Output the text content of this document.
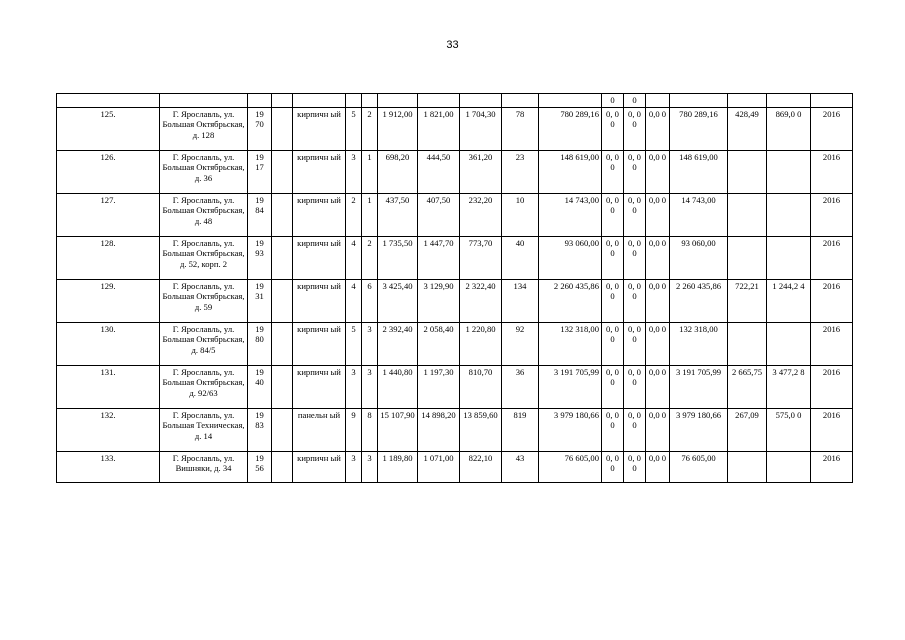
33
												0	0					
125.	Г. Ярославль, ул. Большая Октябрьская, д. 128	19 70		кирпичн ый	5	2	1 912,00	1 821,00	1 704,30	78	780 289,16	0, 0 0	0, 0 0	0,0 0	780 289,16	428,49	869,0 0	2016
126.	Г. Ярославль, ул. Большая Октябрьская, д. 36	19 17		кирпичн ый	3	1	698,20	444,50	361,20	23	148 619,00	0, 0 0	0, 0 0	0,0 0	148 619,00			2016
127.	Г. Ярославль, ул. Большая Октябрьская, д. 48	19 84		кирпичн ый	2	1	437,50	407,50	232,20	10	14 743,00	0, 0 0	0, 0 0	0,0 0	14 743,00			2016
128.	Г. Ярославль, ул. Большая Октябрьская, д. 52, корп. 2	19 93		кирпичн ый	4	2	1 735,50	1 447,70	773,70	40	93 060,00	0, 0 0	0, 0 0	0,0 0	93 060,00			2016
129.	Г. Ярославль, ул. Большая Октябрьская, д. 59	19 31		кирпичн ый	4	6	3 425,40	3 129,90	2 322,40	134	2 260 435,86	0, 0 0	0, 0 0	0,0 0	2 260 435,86	722,21	1 244,2 4	2016
130.	Г. Ярославль, ул. Большая Октябрьская, д. 84/5	19 80		кирпичн ый	5	3	2 392,40	2 058,40	1 220,80	92	132 318,00	0, 0 0	0, 0 0	0,0 0	132 318,00			2016
131.	Г. Ярославль, ул. Большая Октябрьская, д. 92/63	19 40		кирпичн ый	3	3	1 440,80	1 197,30	810,70	36	3 191 705,99	0, 0 0	0, 0 0	0,0 0	3 191 705,99	2 665,75	3 477,2 8	2016
132.	Г. Ярославль, ул. Большая Техническая, д. 14	19 83		панельн ый	9	8	15 107,90	14 898,20	13 859,60	819	3 979 180,66	0, 0 0	0, 0 0	0,0 0	3 979 180,66	267,09	575,0 0	2016
133.	Г. Ярославль, ул. Вишняки, д. 34	19 56		кирпичн ый	3	3	1 189,80	1 071,00	822,10	43	76 605,00	0, 0 0	0, 0 0	0,0 0	76 605,00			2016
